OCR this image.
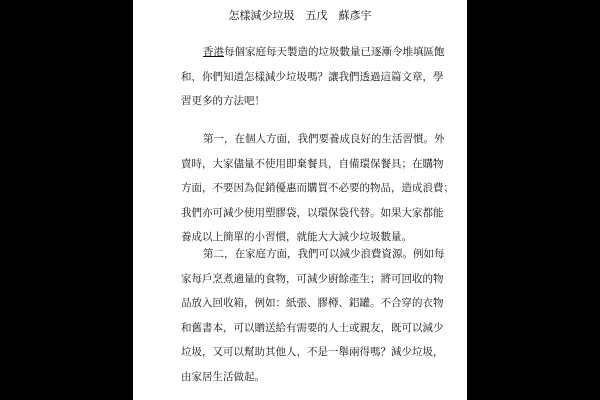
怎樣減少垃圾　五戊　蘇彥宇
香港每個家庭每天製造的垃圾數量已逐漸令堆填區飽
和，你們知道怎樣減少垃圾嗎？讓我們透過這篇文章，學
習更多的方法吧！
第一，在個人方面，我們要養成良好的生活習慣。外
賣時，大家儘量不使用即棄餐具，自備環保餐具；在購物
方面，不要因為促銷優惠而購買不必要的物品，造成浪費；
我們亦可減少使用塑膠袋，以環保袋代替。如果大家都能
養成以上簡單的小習慣，就能大大減少垃圾數量。
第二，在家庭方面，我們可以減少浪費資源。例如每
家每戶烹煮適量的食物，可減少廚餘產生；將可回收的物
品放入回收箱，例如：紙張、膠樽、鋁罐。不合穿的衣物
和舊書本，可以贈送給有需要的人士或親友，既可以減少
垃圾，又可以幫助其他人，不是一舉兩得嗎？減少垃圾，
由家居生活做起。
